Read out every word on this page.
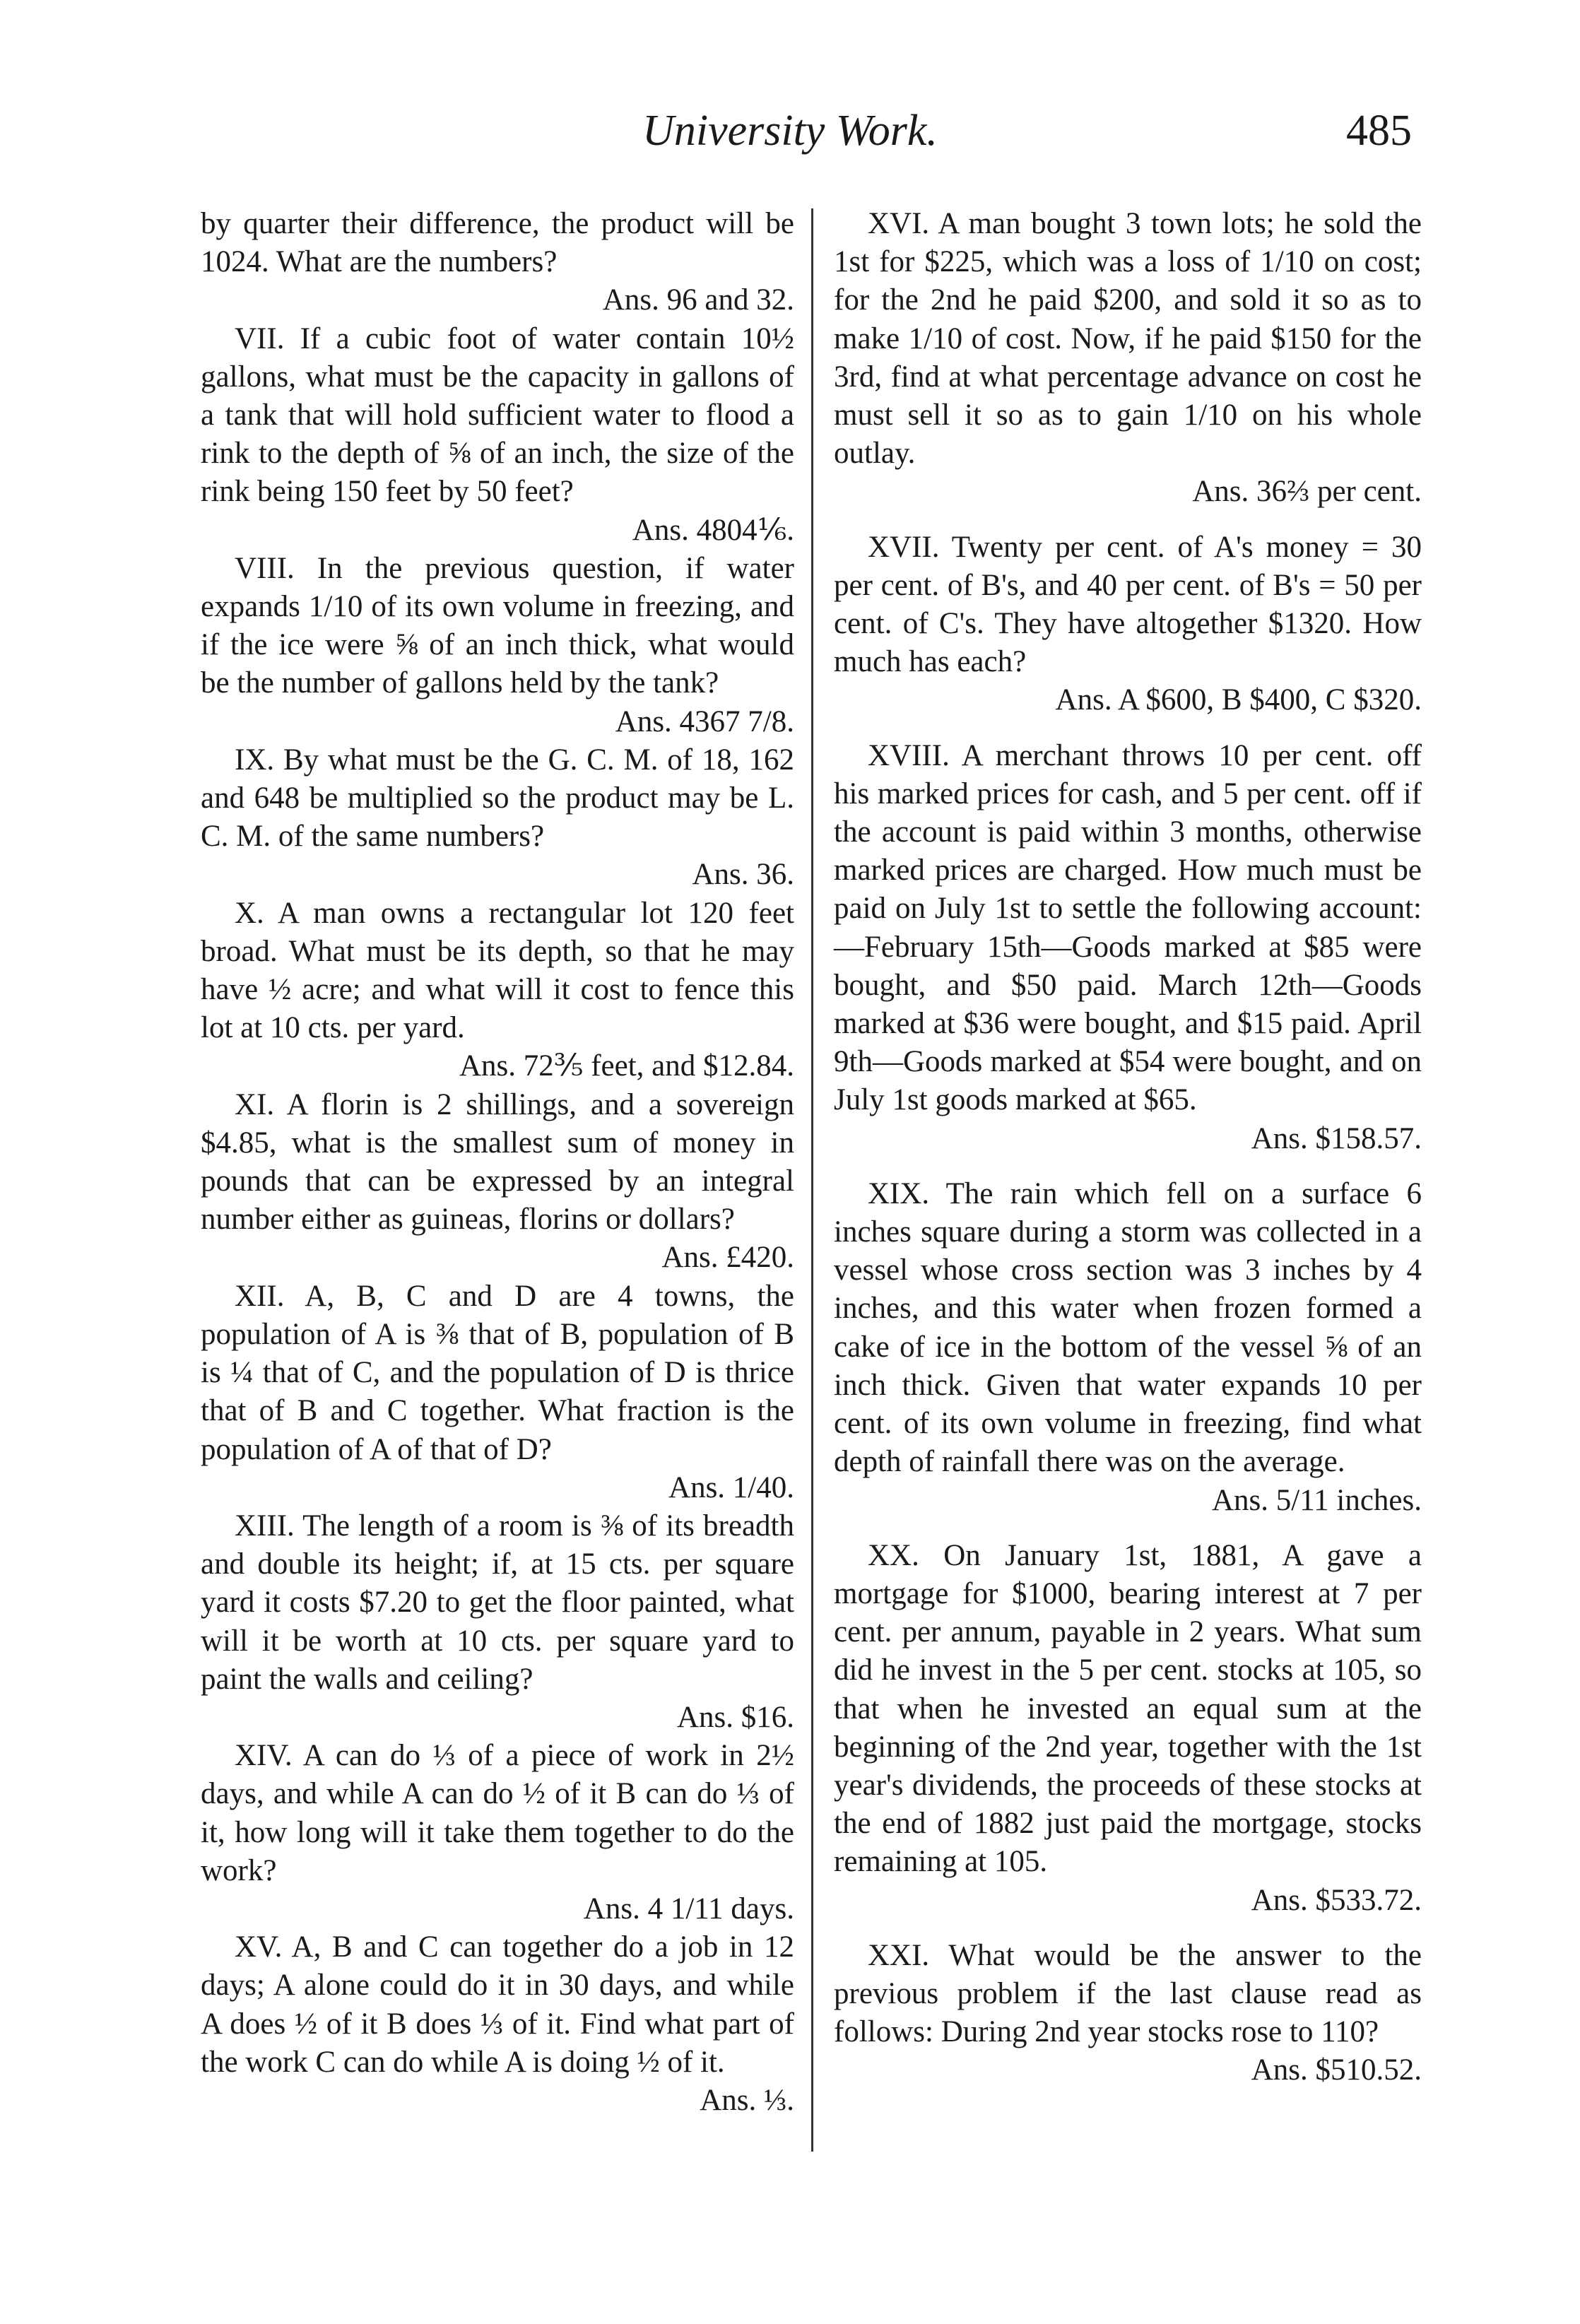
University Work.	485

by quarter their difference, the product will be 1024. What are the numbers?

Ans. 96 and 32.

VII. If a cubic foot of water contain 10½ gallons, what must be the capacity in gallons of a tank that will hold sufficient water to flood a rink to the depth of ⅝ of an inch, the size of the rink being 150 feet by 50 feet?

Ans. 4804⅙.

VIII. In the previous question, if water expands 1/10 of its own volume in freezing, and if the ice were ⅝ of an inch thick, what would be the number of gallons held by the tank?

Ans. 4367 7/8.

IX. By what must be the G. C. M. of 18, 162 and 648 be multiplied so the product may be L. C. M. of the same numbers?

Ans. 36.

X. A man owns a rectangular lot 120 feet broad. What must be its depth, so that he may have ½ acre; and what will it cost to fence this lot at 10 cts. per yard.

Ans. 72⅗ feet, and $12.84.

XI. A florin is 2 shillings, and a sovereign $4.85, what is the smallest sum of money in pounds that can be expressed by an integral number either as guineas, florins or dollars?

Ans. £420.

XII. A, B, C and D are 4 towns, the population of A is ⅜ that of B, population of B is ¼ that of C, and the population of D is thrice that of B and C together. What fraction is the population of A of that of D?

Ans. 1/40.

XIII. The length of a room is ⅜ of its breadth and double its height; if, at 15 cts. per square yard it costs $7.20 to get the floor painted, what will it be worth at 10 cts. per square yard to paint the walls and ceiling?

Ans. $16.

XIV. A can do ⅓ of a piece of work in 2½ days, and while A can do ½ of it B can do ⅓ of it, how long will it take them together to do the work?

Ans. 4 1/11 days.

XV. A, B and C can together do a job in 12 days; A alone could do it in 30 days, and while A does ½ of it B does ⅓ of it. Find what part of the work C can do while A is doing ½ of it.

Ans. ⅓.

XVI. A man bought 3 town lots; he sold the 1st for $225, which was a loss of 1/10 on cost; for the 2nd he paid $200, and sold it so as to make 1/10 of cost. Now, if he paid $150 for the 3rd, find at what percentage advance on cost he must sell it so as to gain 1/10 on his whole outlay.

Ans. 36⅔ per cent.

XVII. Twenty per cent. of A's money = 30 per cent. of B's, and 40 per cent. of B's = 50 per cent. of C's. They have altogether $1320. How much has each?

Ans. A $600, B $400, C $320.

XVIII. A merchant throws 10 per cent. off his marked prices for cash, and 5 per cent. off if the account is paid within 3 months, otherwise marked prices are charged. How much must be paid on July 1st to settle the following account:—February 15th—Goods marked at $85 were bought, and $50 paid. March 12th—Goods marked at $36 were bought, and $15 paid. April 9th—Goods marked at $54 were bought, and on July 1st goods marked at $65.

Ans. $158.57.

XIX. The rain which fell on a surface 6 inches square during a storm was collected in a vessel whose cross section was 3 inches by 4 inches, and this water when frozen formed a cake of ice in the bottom of the vessel ⅝ of an inch thick. Given that water expands 10 per cent. of its own volume in freezing, find what depth of rainfall there was on the average.

Ans. 5/11 inches.

XX. On January 1st, 1881, A gave a mortgage for $1000, bearing interest at 7 per cent. per annum, payable in 2 years. What sum did he invest in the 5 per cent. stocks at 105, so that when he invested an equal sum at the beginning of the 2nd year, together with the 1st year's dividends, the proceeds of these stocks at the end of 1882 just paid the mortgage, stocks remaining at 105.

Ans. $533.72.

XXI. What would be the answer to the previous problem if the last clause read as follows: During 2nd year stocks rose to 110?

Ans. $510.52.
